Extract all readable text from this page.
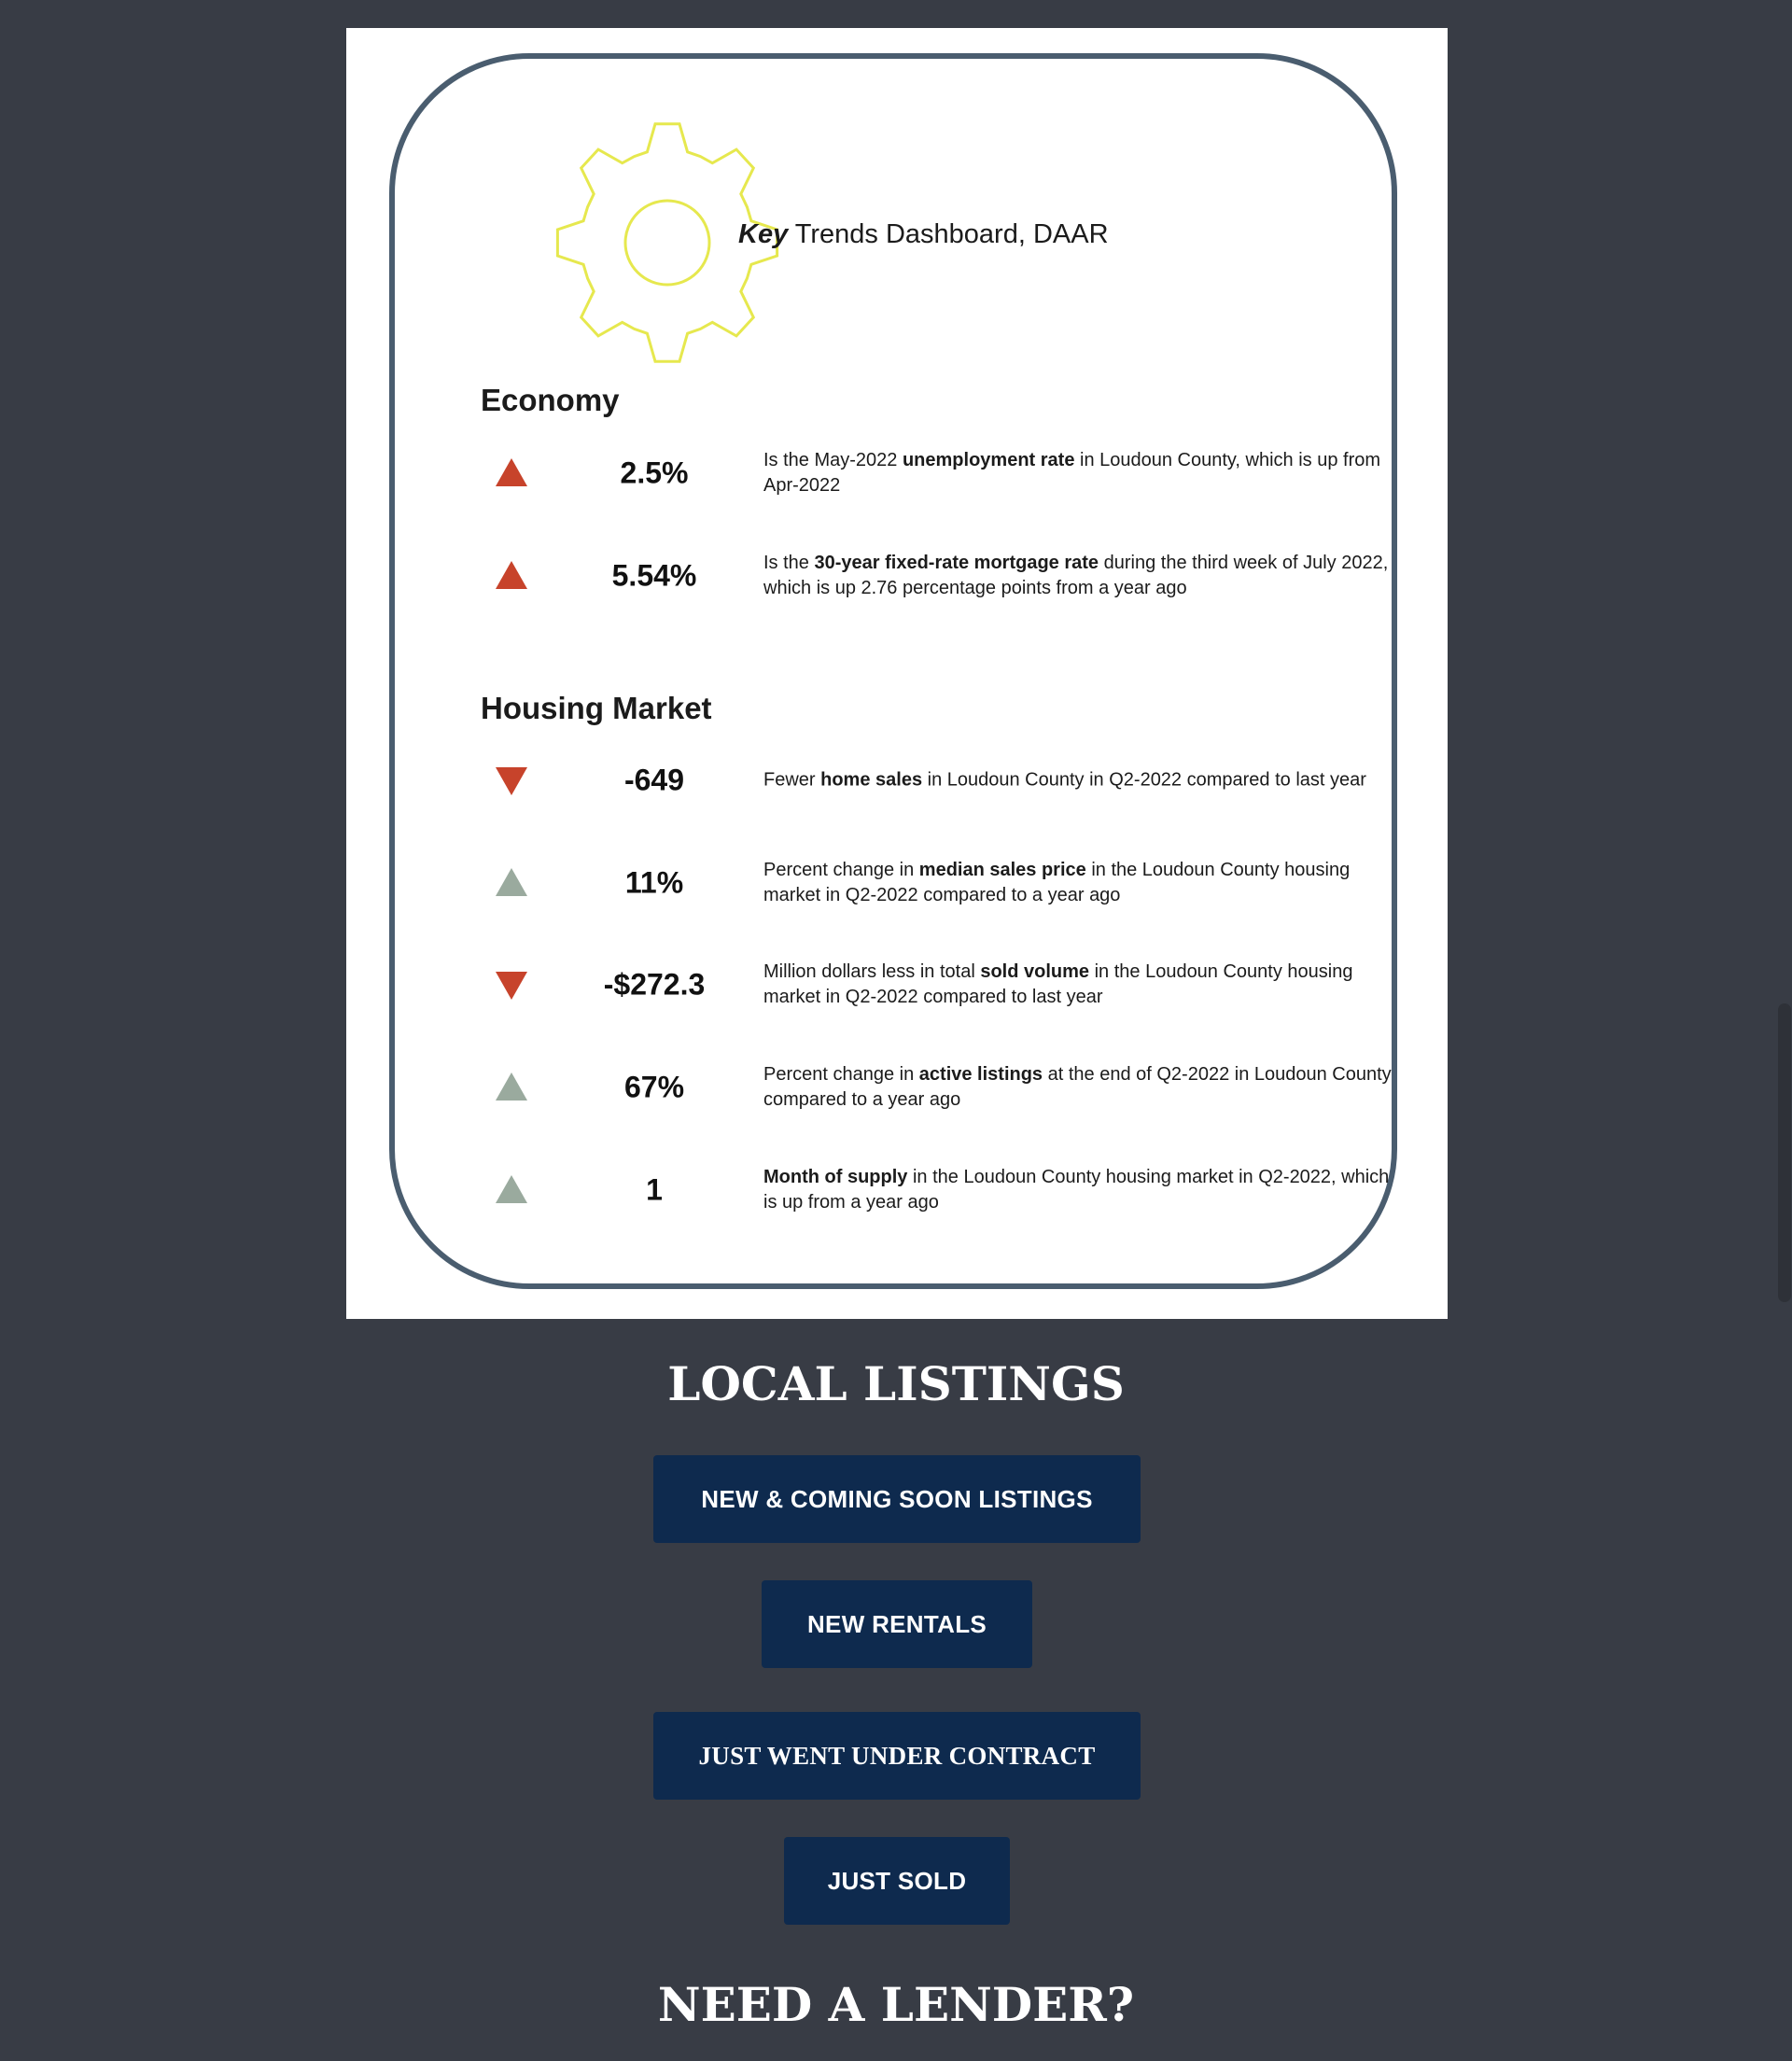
Key Trends Dashboard, DAAR
Economy
2.5%	Is the May-2022 unemployment rate in Loudoun County, which is up from Apr-2022
5.54%	Is the 30-year fixed-rate mortgage rate during the third week of July 2022, which is up 2.76 percentage points from a year ago
Housing Market
-649	Fewer home sales in Loudoun County in Q2-2022 compared to last year
11%	Percent change in median sales price in the Loudoun County housing market in Q2-2022 compared to a year ago
-$272.3	Million dollars less in total sold volume in the Loudoun County housing market in Q2-2022 compared to last year
67%	Percent change in active listings at the end of Q2-2022 in Loudoun County compared to a year ago
1	Month of supply in the Loudoun County housing market in Q2-2022, which is up from a year ago
LOCAL LISTINGS
NEW & COMING SOON LISTINGS
NEW RENTALS
JUST WENT UNDER CONTRACT
JUST SOLD
NEED A LENDER?
